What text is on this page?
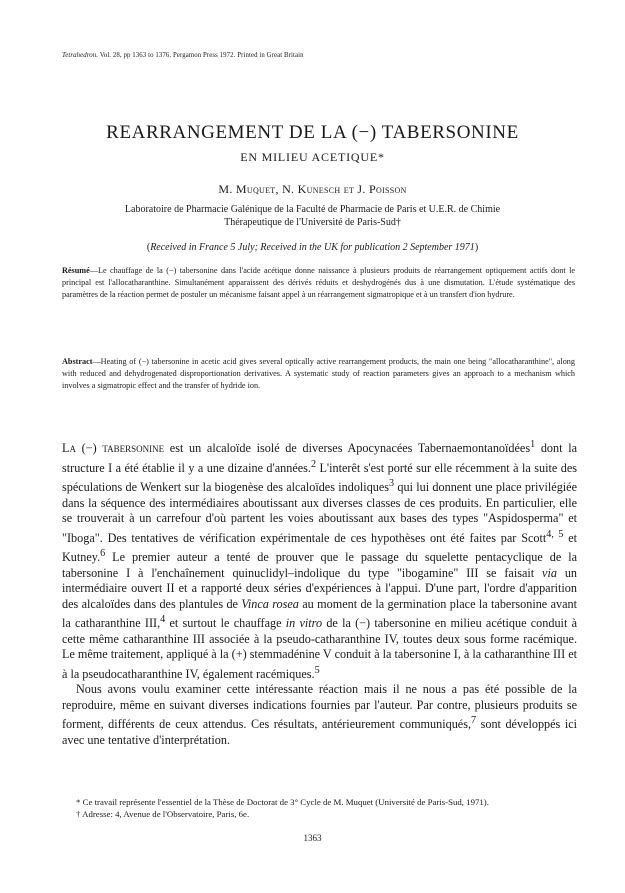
Tetrahedron. Vol. 28, pp 1363 to 1376. Pergamon Press 1972. Printed in Great Britain
REARRANGEMENT DE LA (−) TABERSONINE
EN MILIEU ACETIQUE*
M. Muquet, N. Kunesch et J. Poisson
Laboratoire de Pharmacie Galénique de la Faculté de Pharmacie de Paris et U.E.R. de Chimie Thérapeutique de l'Université de Paris-Sud†
(Received in France 5 July; Received in the UK for publication 2 September 1971)
Résumé—Le chauffage de la (−) tabersonine dans l'acide acétique donne naissance à plusieurs produits de réarrangement optiquement actifs dont le principal est l'allocatharanthine. Simultanément apparaissent des dérivés réduits et deshydrogénés dus à une dismutation. L'étude systématique des paramètres de la réaction permet de postuler un mécanisme faisant appel à un réarrangement sigmatropique et à un transfert d'ion hydrure.
Abstract—Heating of (−) tabersonine in acetic acid gives several optically active rearrangement products, the main one being "allocatharanthine", along with reduced and dehydrogenated disproportionation derivatives. A systematic study of reaction parameters gives an approach to a mechanism which involves a sigmatropic effect and the transfer of hydride ion.

La (−) tabersonine est un alcaloïde isolé de diverses Apocynacées Tabernaemontanoïdées$^1$ dont la structure I a été établie il y a une dizaine d'années.$^2$ L'interêt s'est porté sur elle récemment à la suite des spéculations de Wenkert sur la biogenèse des alcaloïdes indoliques$^3$ qui lui donnent une place privilégiée dans la séquence des intermédiaires aboutissant aux diverses classes de ces produits. En particulier, elle se trouverait à un carrefour d'où partent les voies aboutissant aux bases des types "Aspidosperma" et "Iboga". Des tentatives de vérification expérimentale de ces hypothèses ont été faites par Scott$^{4, 5}$ et Kutney.$^6$ Le premier auteur a tenté de prouver que le passage du squelette pentacyclique de la tabersonine I à l'enchaînement quinuclidyl–indolique du type "ibogamine" III se faisait via un intermédiaire ouvert II et a rapporté deux séries d'expériences à l'appui. D'une part, l'ordre d'apparition des alcaloïdes dans des plantules de Vinca rosea au moment de la germination place la tabersonine avant la catharanthine III,$^4$ et surtout le chauffage in vitro de la (−) tabersonine en milieu acétique conduit à cette même catharanthine III associée à la pseudo-catharanthine IV, toutes deux sous forme racémique. Le même traitement, appliqué à la (+) stemmadénine V conduit à la tabersonine I, à la catharanthine III et à la pseudocatharanthine IV, également racémiques.$^5$

Nous avons voulu examiner cette intéressante réaction mais il ne nous a pas été possible de la reproduire, même en suivant diverses indications fournies par l'auteur. Par contre, plusieurs produits se forment, différents de ceux attendus. Ces résultats, antérieurement communiqués,$^7$ sont développés ici avec une tentative d'interprétation.

* Ce travail représente l'essentiel de la Thèse de Doctorat de 3° Cycle de M. Muquet (Université de Paris-Sud, 1971).

† Adresse: 4, Avenue de l'Observatoire, Paris, 6e.

1363
